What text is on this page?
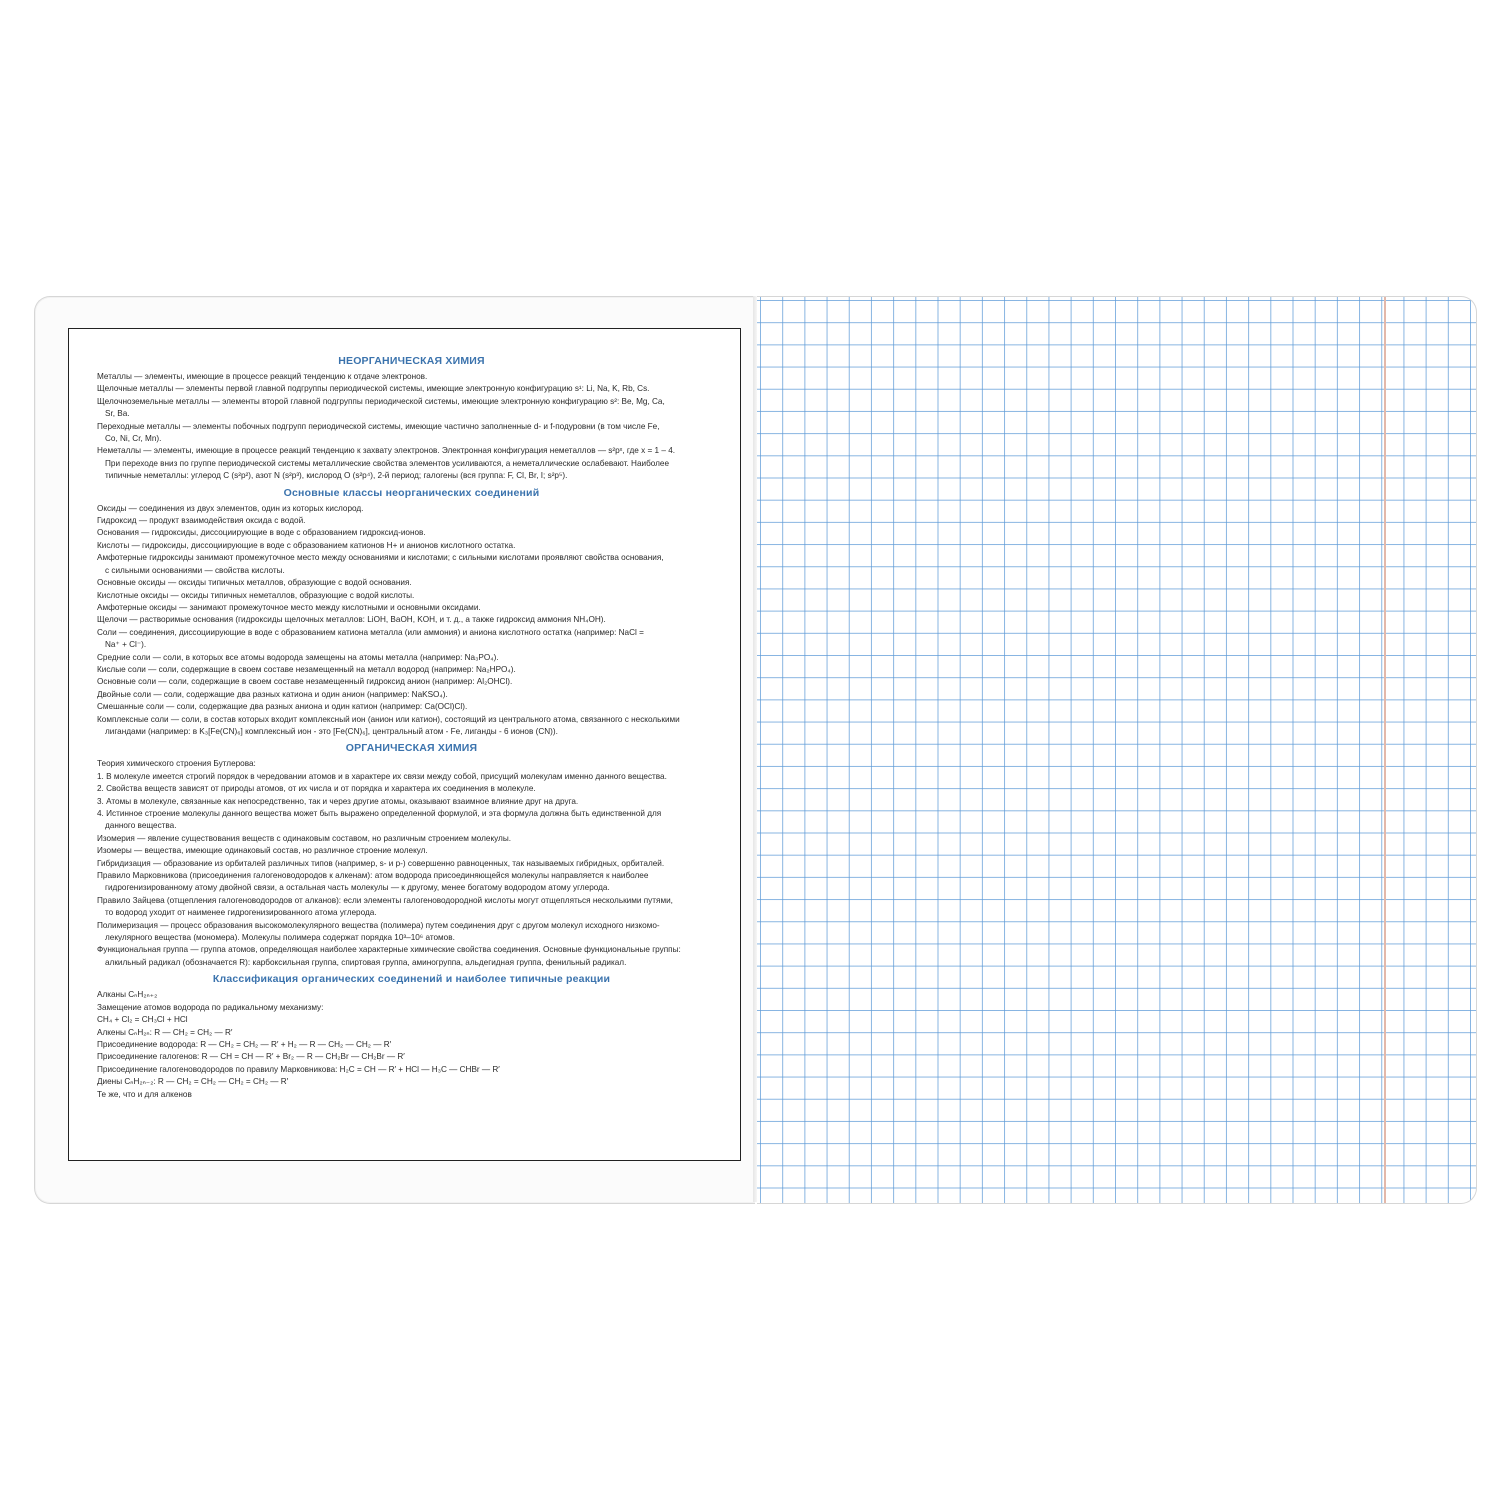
НЕОРГАНИЧЕСКАЯ ХИМИЯ
Металлы — элементы, имеющие в процессе реакций тенденцию к отдаче электронов.
Щелочные металлы — элементы первой главной подгруппы периодической системы, имеющие электронную конфигурацию s¹: Li, Na, K, Rb, Cs.
Щелочноземельные металлы — элементы второй главной подгруппы периодической системы, имеющие электронную конфигурацию s²: Be, Mg, Ca,
Sr, Ba.
Переходные металлы — элементы побочных подгрупп периодической системы, имеющие частично заполненные d- и f-подуровни (в том числе Fe,
Co, Ni, Cr, Mn).
Неметаллы — элементы, имеющие в процессе реакций тенденцию к захвату электронов. Электронная конфигурация неметаллов — s²pˣ, где x = 1 – 4.
При переходе вниз по группе периодической системы металлические свойства элементов усиливаются, а неметаллические ослабевают. Наиболее
типичные неметаллы: углерод C (s²p²), азот N (s²p³), кислород O (s²p⁴), 2-й период; галогены (вся группа: F, Cl, Br, I; s²p⁵).
Основные классы неорганических соединений
Оксиды — соединения из двух элементов, один из которых кислород.
Гидроксид — продукт взаимодействия оксида с водой.
Основания — гидроксиды, диссоциирующие в воде с образованием гидроксид-ионов.
Кислоты — гидроксиды, диссоциирующие в воде с образованием катионов H+ и анионов кислотного остатка.
Амфотерные гидроксиды занимают промежуточное место между основаниями и кислотами; с сильными кислотами проявляют свойства основания,
с сильными основаниями — свойства кислоты.
Основные оксиды — оксиды типичных металлов, образующие с водой основания.
Кислотные оксиды — оксиды типичных неметаллов, образующие с водой кислоты.
Амфотерные оксиды — занимают промежуточное место между кислотными и основными оксидами.
Щелочи — растворимые основания (гидроксиды щелочных металлов: LiOH, BaOH, KOH, и т. д., а также гидроксид аммония NH₄OH).
Соли — соединения, диссоциирующие в воде с образованием катиона металла (или аммония) и аниона кислотного остатка (например: NaCl =
Na⁺ + Cl⁻).
Средние соли — соли, в которых все атомы водорода замещены на атомы металла (например: Na₃PO₄).
Кислые соли — соли, содержащие в своем составе незамещенный на металл водород (например: Na₂HPO₄).
Основные соли — соли, содержащие в своем составе незамещенный гидроксид анион (например: Al₂OHCl).
Двойные соли — соли, содержащие два разных катиона и один анион (например: NaKSO₄).
Смешанные соли — соли, содержащие два разных аниона и один катион (например: Ca(OCl)Cl).
Комплексные соли — соли, в состав которых входит комплексный ион (анион или катион), состоящий из центрального атома, связанного с несколькими
лигандами (например: в K₃[Fe(CN)₆] комплексный ион - это [Fe(CN)₆], центральный атом - Fe, лиганды - 6 ионов (CN)).
ОРГАНИЧЕСКАЯ ХИМИЯ
Теория химического строения Бутлерова:
1. В молекуле имеется строгий порядок в чередовании атомов и в характере их связи между собой, присущий молекулам именно данного вещества.
2. Свойства веществ зависят от природы атомов, от их числа и от порядка и характера их соединения в молекуле.
3. Атомы в молекуле, связанные как непосредственно, так и через другие атомы, оказывают взаимное влияние друг на друга.
4. Истинное строение молекулы данного вещества может быть выражено определенной формулой, и эта формула должна быть единственной для
данного вещества.
Изомерия — явление существования веществ с одинаковым составом, но различным строением молекулы.
Изомеры — вещества, имеющие одинаковый состав, но различное строение молекул.
Гибридизация — образование из орбиталей различных типов (например, s- и p-) совершенно равноценных, так называемых гибридных, орбиталей.
Правило Марковникова (присоединения галогеноводородов к алкенам): атом водорода присоединяющейся молекулы направляется к наиболее
гидрогенизированному атому двойной связи, а остальная часть молекулы — к другому, менее богатому водородом атому углерода.
Правило Зайцева (отщепления галогеноводородов от алканов): если элементы галогеноводородной кислоты могут отщепляться несколькими путями,
то водород уходит от наименее гидрогенизированного атома углерода.
Полимеризация — процесс образования высокомолекулярного вещества (полимера) путем соединения друг с другом молекул исходного низкомо-
лекулярного вещества (мономера). Молекулы полимера содержат порядка 10³–10⁶ атомов.
Функциональная группа — группа атомов, определяющая наиболее характерные химические свойства соединения. Основные функциональные группы:
алкильный радикал (обозначается R): карбоксильная группа, спиртовая группа, аминогруппа, альдегидная группа, фенильный радикал.
Классификация органических соединений и наиболее типичные реакции
Алканы CₙH₂ₙ₊₂
Замещение атомов водорода по радикальному механизму:
CH₄ + Cl₂ = CH₃Cl + HCl
Алкены CₙH₂ₙ: R — CH₂ = CH₂ — R′
Присоединение водорода: R — CH₂ = CH₂ — R′ + H₂ — R — CH₂ — CH₂ — R′
Присоединение галогенов: R — CH = CH — R′ + Br₂ — R — CH₂Br — CH₂Br — R′
Присоединение галогеноводородов по правилу Марковникова: H₂C = CH — R′ + HCl — H₃C — CHBr — R′
Диены CₙH₂ₙ₋₂: R — CH₂ = CH₂ — CH₂ = CH₂ — R′
Те же, что и для алкенов
